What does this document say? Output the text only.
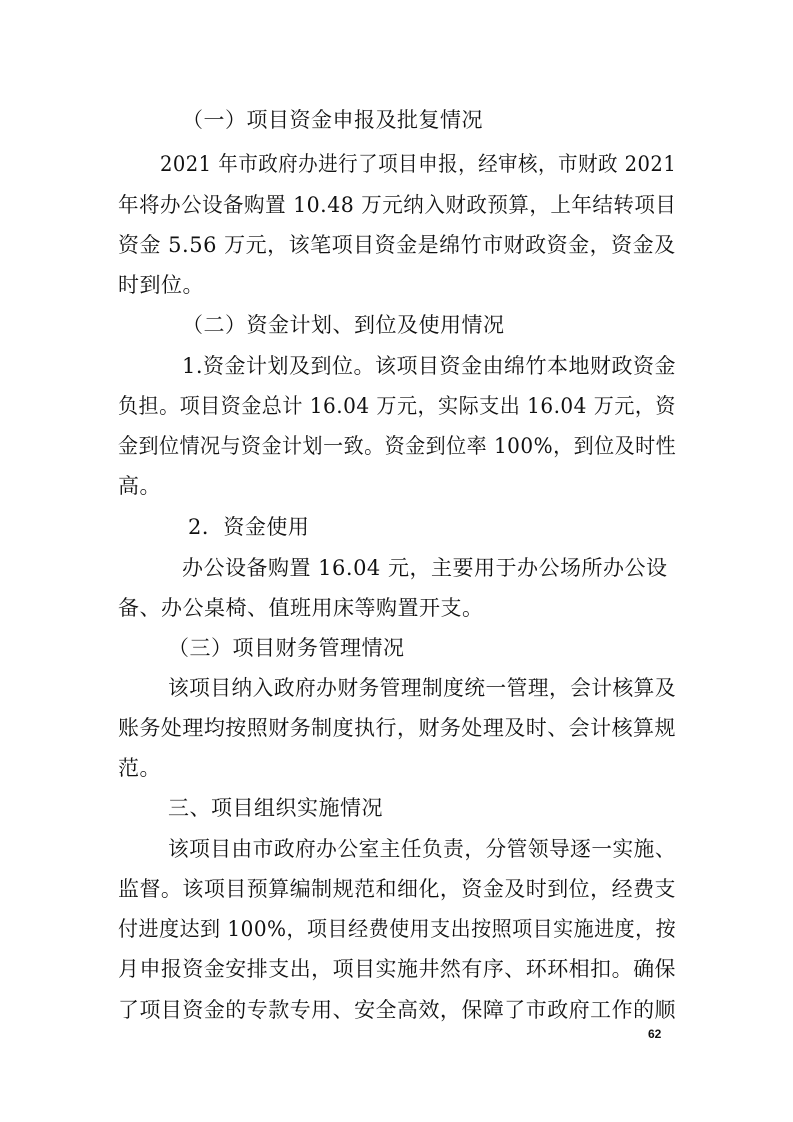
（一）项目资金申报及批复情况
2021 年市政府办进行了项目申报，经审核，市财政 2021
年将办公设备购置 10.48 万元纳入财政预算，上年结转项目
资金 5.56 万元，该笔项目资金是绵竹市财政资金，资金及
时到位。
（二）资金计划、到位及使用情况
1.资金计划及到位。该项目资金由绵竹本地财政资金
负担。项目资金总计 16.04 万元，实际支出 16.04 万元，资
金到位情况与资金计划一致。资金到位率 100%，到位及时性
高。
2．资金使用
办公设备购置 16.04 元，主要用于办公场所办公设
备、办公桌椅、值班用床等购置开支。
（三）项目财务管理情况
该项目纳入政府办财务管理制度统一管理，会计核算及
账务处理均按照财务制度执行，财务处理及时、会计核算规
范。
三、项目组织实施情况
该项目由市政府办公室主任负责，分管领导逐一实施、
监督。该项目预算编制规范和细化，资金及时到位，经费支
付进度达到 100%，项目经费使用支出按照项目实施进度，按
月申报资金安排支出，项目实施井然有序、环环相扣。确保
了项目资金的专款专用、安全高效，保障了市政府工作的顺
62
